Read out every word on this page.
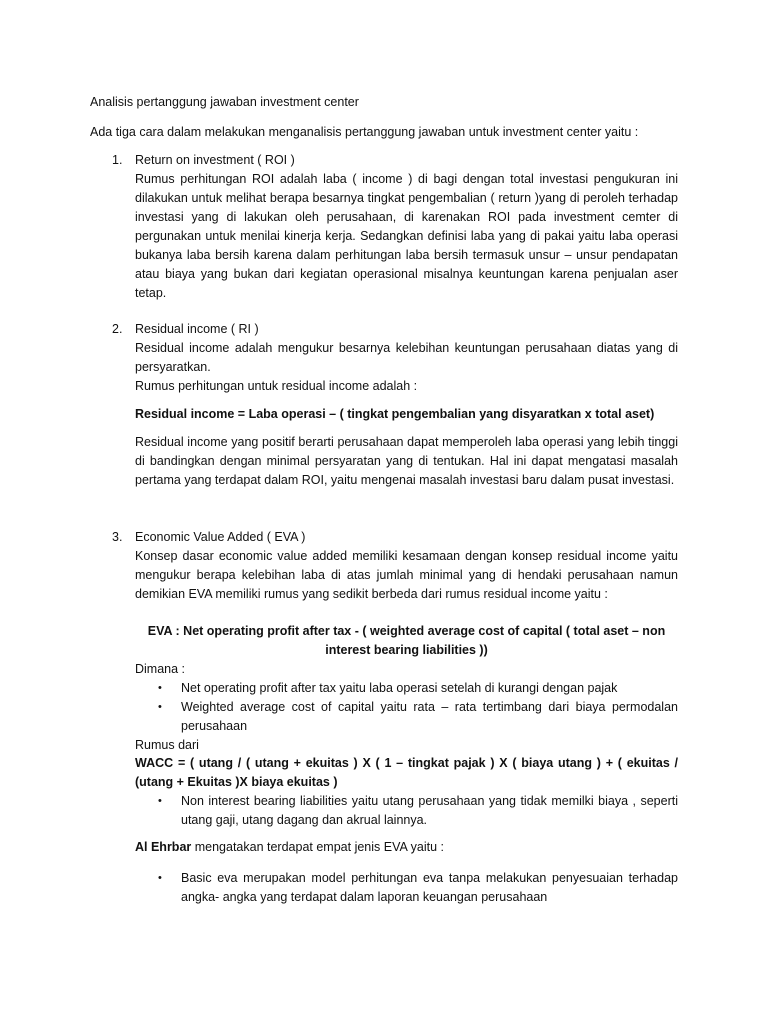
Analisis pertanggung jawaban investment center

Ada tiga cara dalam melakukan menganalisis pertanggung jawaban untuk investment center yaitu :

1. Return on investment ( ROI )

Rumus perhitungan ROI adalah laba ( income ) di bagi dengan total investasi pengukuran ini dilakukan untuk melihat berapa besarnya tingkat pengembalian ( return )yang di peroleh terhadap investasi yang di lakukan oleh perusahaan, di karenakan ROI pada investment cemter di pergunakan untuk menilai kinerja kerja. Sedangkan definisi laba yang di pakai yaitu laba operasi bukanya laba bersih karena dalam perhitungan laba bersih termasuk unsur – unsur pendapatan atau biaya yang bukan dari kegiatan operasional misalnya keuntungan karena penjualan aser tetap.

2. Residual income ( RI )

Residual income adalah mengukur besarnya kelebihan keuntungan perusahaan diatas yang di persyaratkan.

Rumus perhitungan untuk residual income adalah :

Residual income = Laba operasi – ( tingkat pengembalian yang disyaratkan x total aset)

Residual income yang positif berarti perusahaan dapat memperoleh laba operasi yang lebih tinggi di bandingkan dengan minimal persyaratan yang di tentukan. Hal ini dapat mengatasi masalah pertama yang terdapat dalam ROI, yaitu mengenai masalah investasi baru dalam pusat investasi.

3. Economic Value Added ( EVA )

Konsep dasar economic value added memiliki kesamaan dengan konsep residual income yaitu mengukur berapa kelebihan laba di atas jumlah minimal yang di hendaki perusahaan namun demikian EVA memiliki rumus yang sedikit berbeda dari rumus residual income yaitu :

EVA : Net operating profit after tax - ( weighted average cost of capital ( total aset – non

interest bearing liabilities ))

Dimana :

• Net operating profit after tax yaitu laba operasi setelah di kurangi dengan pajak

• Weighted average cost of capital yaitu rata – rata tertimbang dari biaya permodalan perusahaan

Rumus dari

WACC = ( utang / ( utang + ekuitas ) X ( 1 – tingkat pajak ) X ( biaya utang ) + ( ekuitas / (utang + Ekuitas )X biaya ekuitas )

• Non interest bearing liabilities yaitu utang perusahaan yang tidak memilki biaya , seperti utang gaji, utang dagang dan akrual lainnya.

Al Ehrbar mengatakan terdapat empat jenis EVA yaitu :

• Basic eva merupakan model perhitungan eva tanpa melakukan penyesuaian terhadap angka- angka yang terdapat dalam laporan keuangan perusahaan
